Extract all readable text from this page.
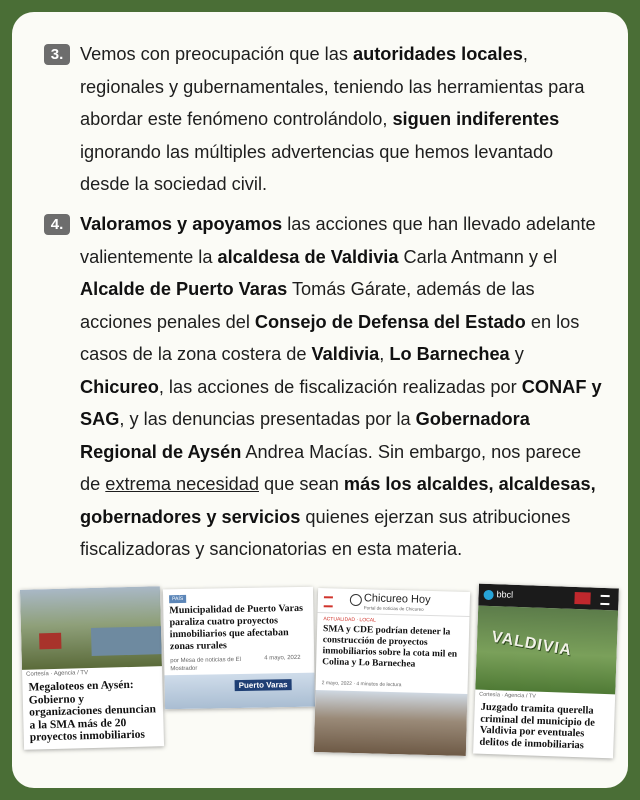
3. Vemos con preocupación que las autoridades locales, regionales y gubernamentales, teniendo las herramientas para abordar este fenómeno controlándolo, siguen indiferentes ignorando las múltiples advertencias que hemos levantado desde la sociedad civil.
4. Valoramos y apoyamos las acciones que han llevado adelante valientemente la alcaldesa de Valdivia Carla Antmann y el Alcalde de Puerto Varas Tomás Gárate, además de las acciones penales del Consejo de Defensa del Estado en los casos de la zona costera de Valdivia, Lo Barnechea y Chicureo, las acciones de fiscalización realizadas por CONAF y SAG, y las denuncias presentadas por la Gobernadora Regional de Aysén Andrea Macías. Sin embargo, nos parece de extrema necesidad que sean más los alcaldes, alcaldesas, gobernadores y servicios quienes ejerzan sus atribuciones fiscalizadoras y sancionatorias en esta materia.
Cortesía · Agencia / TV
Megaloteos en Aysén: Gobierno y organizaciones denuncian a la SMA más de 20 proyectos inmobiliarios
PAÍS
Municipalidad de Puerto Varas paraliza cuatro proyectos inmobiliarios que afectaban zonas rurales
por Mesa de noticias de El Mostrador
4 mayo, 2022
Puerto Varas
Chicureo Hoy
Portal de noticias de Chicureo
ACTUALIDAD · LOCAL
SMA y CDE podrían detener la construcción de proyectos inmobiliarios sobre la cota mil en Colina y Lo Barnechea
2 mayo, 2022 · 4 minutos de lectura
bbcl
VALDIVIA
Cortesía · Agencia / TV
Juzgado tramita querella criminal del municipio de Valdivia por eventuales delitos de inmobiliarias
